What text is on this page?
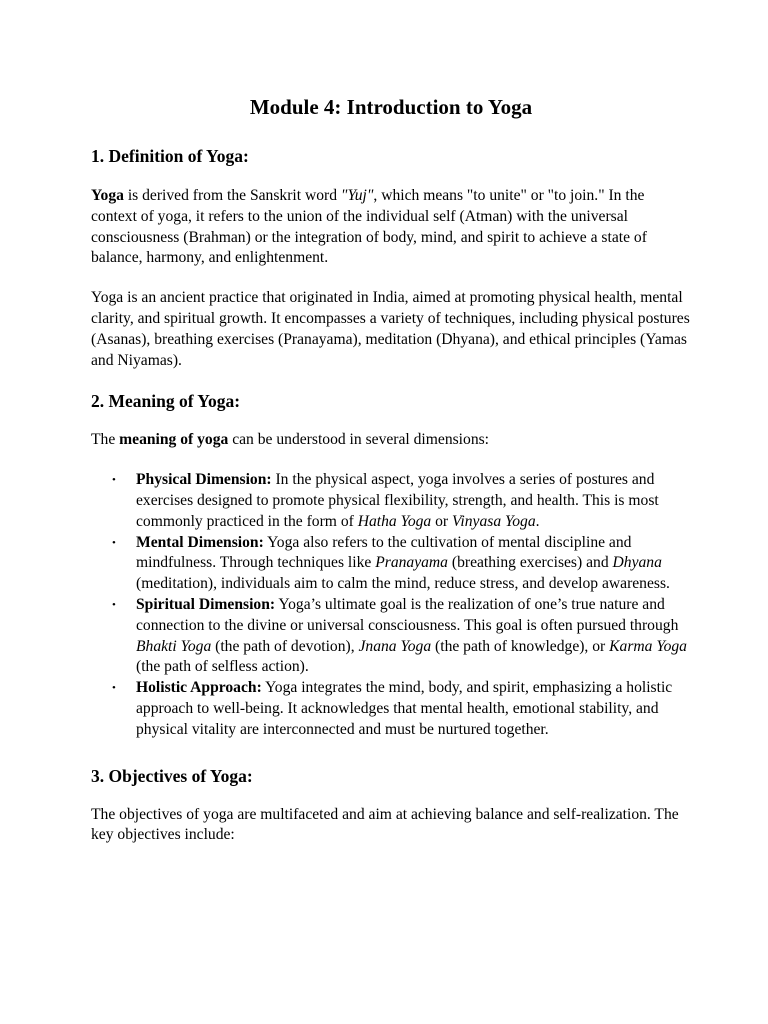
Module 4: Introduction to Yoga
1. Definition of Yoga:

Yoga is derived from the Sanskrit word "Yuj", which means "to unite" or "to join." In the context of yoga, it refers to the union of the individual self (Atman) with the universal consciousness (Brahman) or the integration of body, mind, and spirit to achieve a state of balance, harmony, and enlightenment.

Yoga is an ancient practice that originated in India, aimed at promoting physical health, mental clarity, and spiritual growth. It encompasses a variety of techniques, including physical postures (Asanas), breathing exercises (Pranayama), meditation (Dhyana), and ethical principles (Yamas and Niyamas).

2. Meaning of Yoga:

The meaning of yoga can be understood in several dimensions:

• Physical Dimension: In the physical aspect, yoga involves a series of postures and exercises designed to promote physical flexibility, strength, and health. This is most commonly practiced in the form of Hatha Yoga or Vinyasa Yoga.
• Mental Dimension: Yoga also refers to the cultivation of mental discipline and mindfulness. Through techniques like Pranayama (breathing exercises) and Dhyana (meditation), individuals aim to calm the mind, reduce stress, and develop awareness.
• Spiritual Dimension: Yoga’s ultimate goal is the realization of one’s true nature and connection to the divine or universal consciousness. This goal is often pursued through Bhakti Yoga (the path of devotion), Jnana Yoga (the path of knowledge), or Karma Yoga (the path of selfless action).
• Holistic Approach: Yoga integrates the mind, body, and spirit, emphasizing a holistic approach to well-being. It acknowledges that mental health, emotional stability, and physical vitality are interconnected and must be nurtured together.
3. Objectives of Yoga:

The objectives of yoga are multifaceted and aim at achieving balance and self-realization. The key objectives include:
